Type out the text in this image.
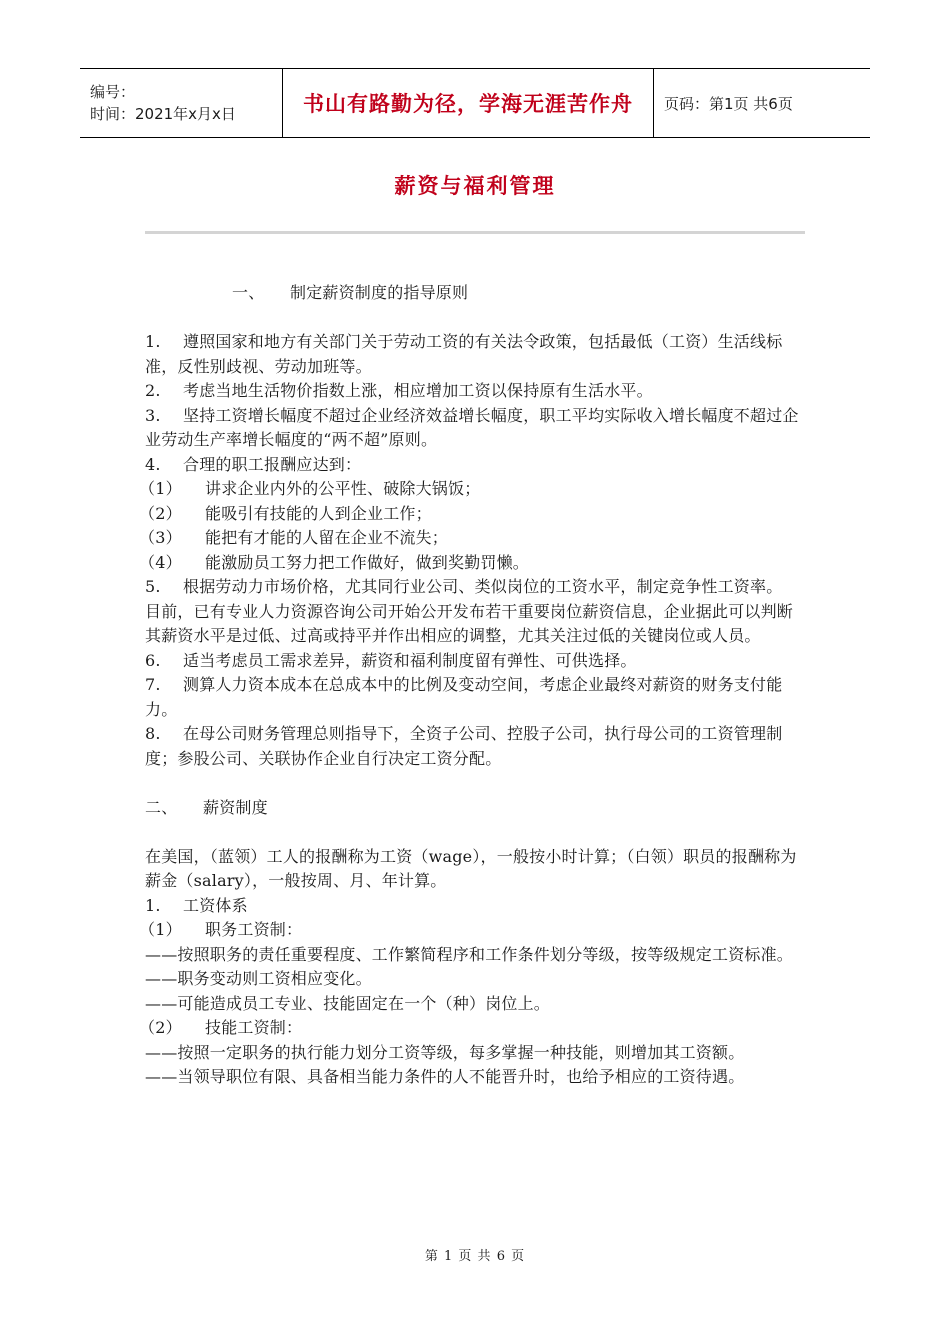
编号：
时间：2021年x月x日	书山有路勤为径，学海无涯苦作舟	页码：第1页 共6页
薪资与福利管理

一、 制定薪资制度的指导原则

1. 遵照国家和地方有关部门关于劳动工资的有关法令政策，包括最低（工资）生活线标准，反性别歧视、劳动加班等。

2. 考虑当地生活物价指数上涨，相应增加工资以保持原有生活水平。

3. 坚持工资增长幅度不超过企业经济效益增长幅度，职工平均实际收入增长幅度不超过企业劳动生产率增长幅度的“两不超”原则。

4. 合理的职工报酬应达到：

（1） 讲求企业内外的公平性、破除大锅饭；

（2） 能吸引有技能的人到企业工作；

（3） 能把有才能的人留在企业不流失；

（4） 能激励员工努力把工作做好，做到奖勤罚懒。

5. 根据劳动力市场价格，尤其同行业公司、类似岗位的工资水平，制定竞争性工资率。

目前，已有专业人力资源咨询公司开始公开发布若干重要岗位薪资信息，企业据此可以判断其薪资水平是过低、过高或持平并作出相应的调整，尤其关注过低的关键岗位或人员。

6. 适当考虑员工需求差异，薪资和福利制度留有弹性、可供选择。

7. 测算人力资本成本在总成本中的比例及变动空间，考虑企业最终对薪资的财务支付能力。

8. 在母公司财务管理总则指导下，全资子公司、控股子公司，执行母公司的工资管理制度；参股公司、关联协作企业自行决定工资分配。

二、 薪资制度

在美国，（蓝领）工人的报酬称为工资（wage），一般按小时计算；（白领）职员的报酬称为薪金（salary），一般按周、月、年计算。

1. 工资体系

（1） 职务工资制：

——按照职务的责任重要程度、工作繁简程序和工作条件划分等级，按等级规定工资标准。

——职务变动则工资相应变化。

——可能造成员工专业、技能固定在一个（种）岗位上。

（2） 技能工资制：

——按照一定职务的执行能力划分工资等级，每多掌握一种技能，则增加其工资额。

——当领导职位有限、具备相当能力条件的人不能晋升时，也给予相应的工资待遇。

第 1 页 共 6 页
